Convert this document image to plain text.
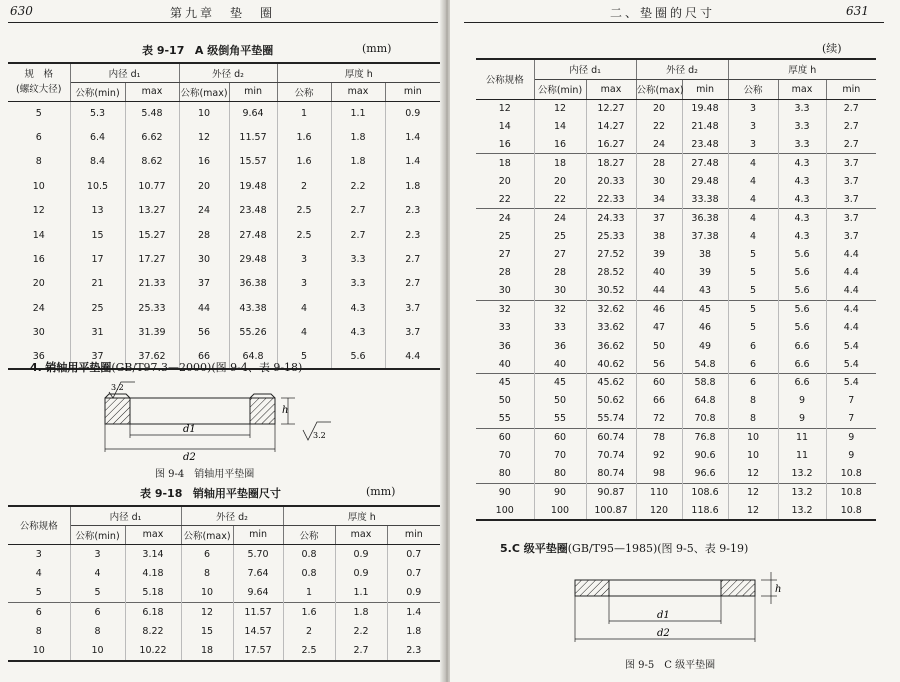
630	第九章　垫　圈
表 9-17 A 级倒角平垫圈	(mm)
规　格
(螺纹大径)	内径 d₁		外径 d₂		厚度 h		
	公称(min)	max	公称(max)	min	公称	max	min
5	5.3	5.48	10	9.64	1	1.1	0.9
6	6.4	6.62	12	11.57	1.6	1.8	1.4
8	8.4	8.62	16	15.57	1.6	1.8	1.4
10	10.5	10.77	20	19.48	2	2.2	1.8
12	13	13.27	24	23.48	2.5	2.7	2.3
14	15	15.27	28	27.48	2.5	2.7	2.3
16	17	17.27	30	29.48	3	3.3	2.7
20	21	21.33	37	36.38	3	3.3	2.7
24	25	25.33	44	43.38	4	4.3	3.7
30	31	31.39	56	55.26	4	4.3	3.7
36	37	37.62	66	64.8	5	5.6	4.4
4. 销轴用平垫圈(GB/T97.3—2000)(图 9-4、表 9-18)
h
d1
d2
3.2
3.2
图 9-4　销轴用平垫圈
表 9-18 销轴用平垫圈尺寸	(mm)
公称规格	内径 d₁		外径 d₂		厚度 h		
	公称(min)	max	公称(max)	min	公称	max	min
3	3	3.14	6	5.70	0.8	0.9	0.7
4	4	4.18	8	7.64	0.8	0.9	0.7
5	5	5.18	10	9.64	1	1.1	0.9
6	6	6.18	12	11.57	1.6	1.8	1.4
8	8	8.22	15	14.57	2	2.2	1.8
10	10	10.22	18	17.57	2.5	2.7	2.3
二、垫圈的尺寸	631
(续)
公称规格	内径 d₁		外径 d₂		厚度 h		
	公称(min)	max	公称(max)	min	公称	max	min
12	12	12.27	20	19.48	3	3.3	2.7
14	14	14.27	22	21.48	3	3.3	2.7
16	16	16.27	24	23.48	3	3.3	2.7
18	18	18.27	28	27.48	4	4.3	3.7
20	20	20.33	30	29.48	4	4.3	3.7
22	22	22.33	34	33.38	4	4.3	3.7
24	24	24.33	37	36.38	4	4.3	3.7
25	25	25.33	38	37.38	4	4.3	3.7
27	27	27.52	39	38	5	5.6	4.4
28	28	28.52	40	39	5	5.6	4.4
30	30	30.52	44	43	5	5.6	4.4
32	32	32.62	46	45	5	5.6	4.4
33	33	33.62	47	46	5	5.6	4.4
36	36	36.62	50	49	6	6.6	5.4
40	40	40.62	56	54.8	6	6.6	5.4
45	45	45.62	60	58.8	6	6.6	5.4
50	50	50.62	66	64.8	8	9	7
55	55	55.74	72	70.8	8	9	7
60	60	60.74	78	76.8	10	11	9
70	70	70.74	92	90.6	10	11	9
80	80	80.74	98	96.6	12	13.2	10.8
90	90	90.87	110	108.6	12	13.2	10.8
100	100	100.87	120	118.6	12	13.2	10.8
5.C 级平垫圈(GB/T95—1985)(图 9-5、表 9-19)
h
d1
d2
图 9-5　C 级平垫圈
